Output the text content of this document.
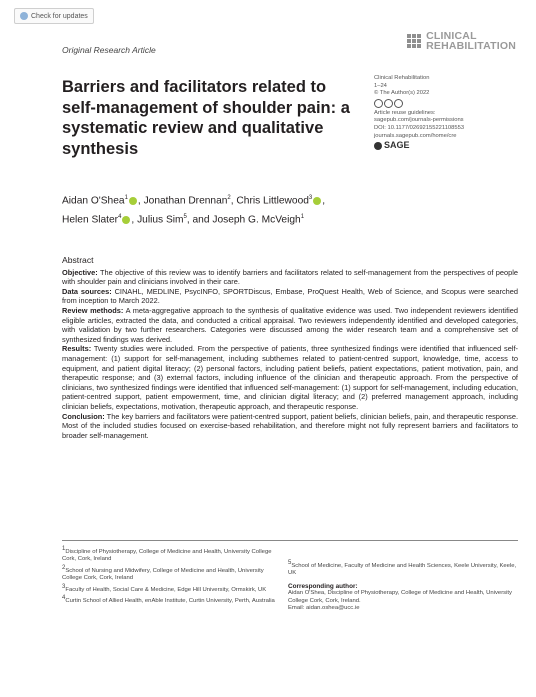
Check for updates
CLINICAL
REHABILITATION
Original Research Article
Barriers and facilitators related to self-management of shoulder pain: a systematic review and qualitative synthesis
Clinical Rehabilitation
1–24
© The Author(s) 2022
Article reuse guidelines:
sagepub.com/journals-permissions
DOI: 10.1177/02692155221108553
journals.sagepub.com/home/cre
SAGE
Aidan O'Shea$^1$ , Jonathan Drennan$^2$, Chris Littlewood$^3$ ,
Helen Slater$^4$ , Julius Sim$^5$, and Joseph G. McVeigh$^1$
Abstract

Objective: The objective of this review was to identify barriers and facilitators related to self-management from the perspectives of people with shoulder pain and clinicians involved in their care.

Data sources: CINAHL, MEDLINE, PsycINFO, SPORTDiscus, Embase, ProQuest Health, Web of Science, and Scopus were searched from inception to March 2022.

Review methods: A meta-aggregative approach to the synthesis of qualitative evidence was used. Two independent reviewers identified eligible articles, extracted the data, and conducted a critical appraisal. Two reviewers independently identified and developed categories, with validation by two further researchers. Categories were discussed among the wider research team and a comprehensive set of synthesized findings was derived.

Results: Twenty studies were included. From the perspective of patients, three synthesized findings were identified that influenced self-management: (1) support for self-management, including subthemes related to patient-centred support, knowledge, time, access to equipment, and patient digital literacy; (2) personal factors, including patient beliefs, patient expectations, patient motivation, pain, and therapeutic response; and (3) external factors, including influence of the clinician and therapeutic approach. From the perspective of clinicians, two synthesized findings were identified that influenced self-management: (1) support for self-management, including education, patient-centred support, patient empowerment, time, and clinician digital literacy; and (2) preferred management approach, including clinician beliefs, expectations, motivation, therapeutic approach, and therapeutic response.

Conclusion: The key barriers and facilitators were patient-centred support, patient beliefs, clinician beliefs, pain, and therapeutic response. Most of the included studies focused on exercise-based rehabilitation, and therefore might not fully represent barriers and facilitators to broader self-management.

$^1$Discipline of Physiotherapy, College of Medicine and Health, University College Cork, Cork, Ireland
$^2$School of Nursing and Midwifery, College of Medicine and Health, University College Cork, Cork, Ireland
$^3$Faculty of Health, Social Care & Medicine, Edge Hill University, Ormskirk, UK
$^4$Curtin School of Allied Health, enAble Institute, Curtin University, Perth, Australia
$^5$School of Medicine, Faculty of Medicine and Health Sciences, Keele University, Keele, UK
Corresponding author:
Aidan O'Shea, Discipline of Physiotherapy, College of Medicine and Health, University College Cork, Cork, Ireland.
Email: aidan.oshea@ucc.ie
